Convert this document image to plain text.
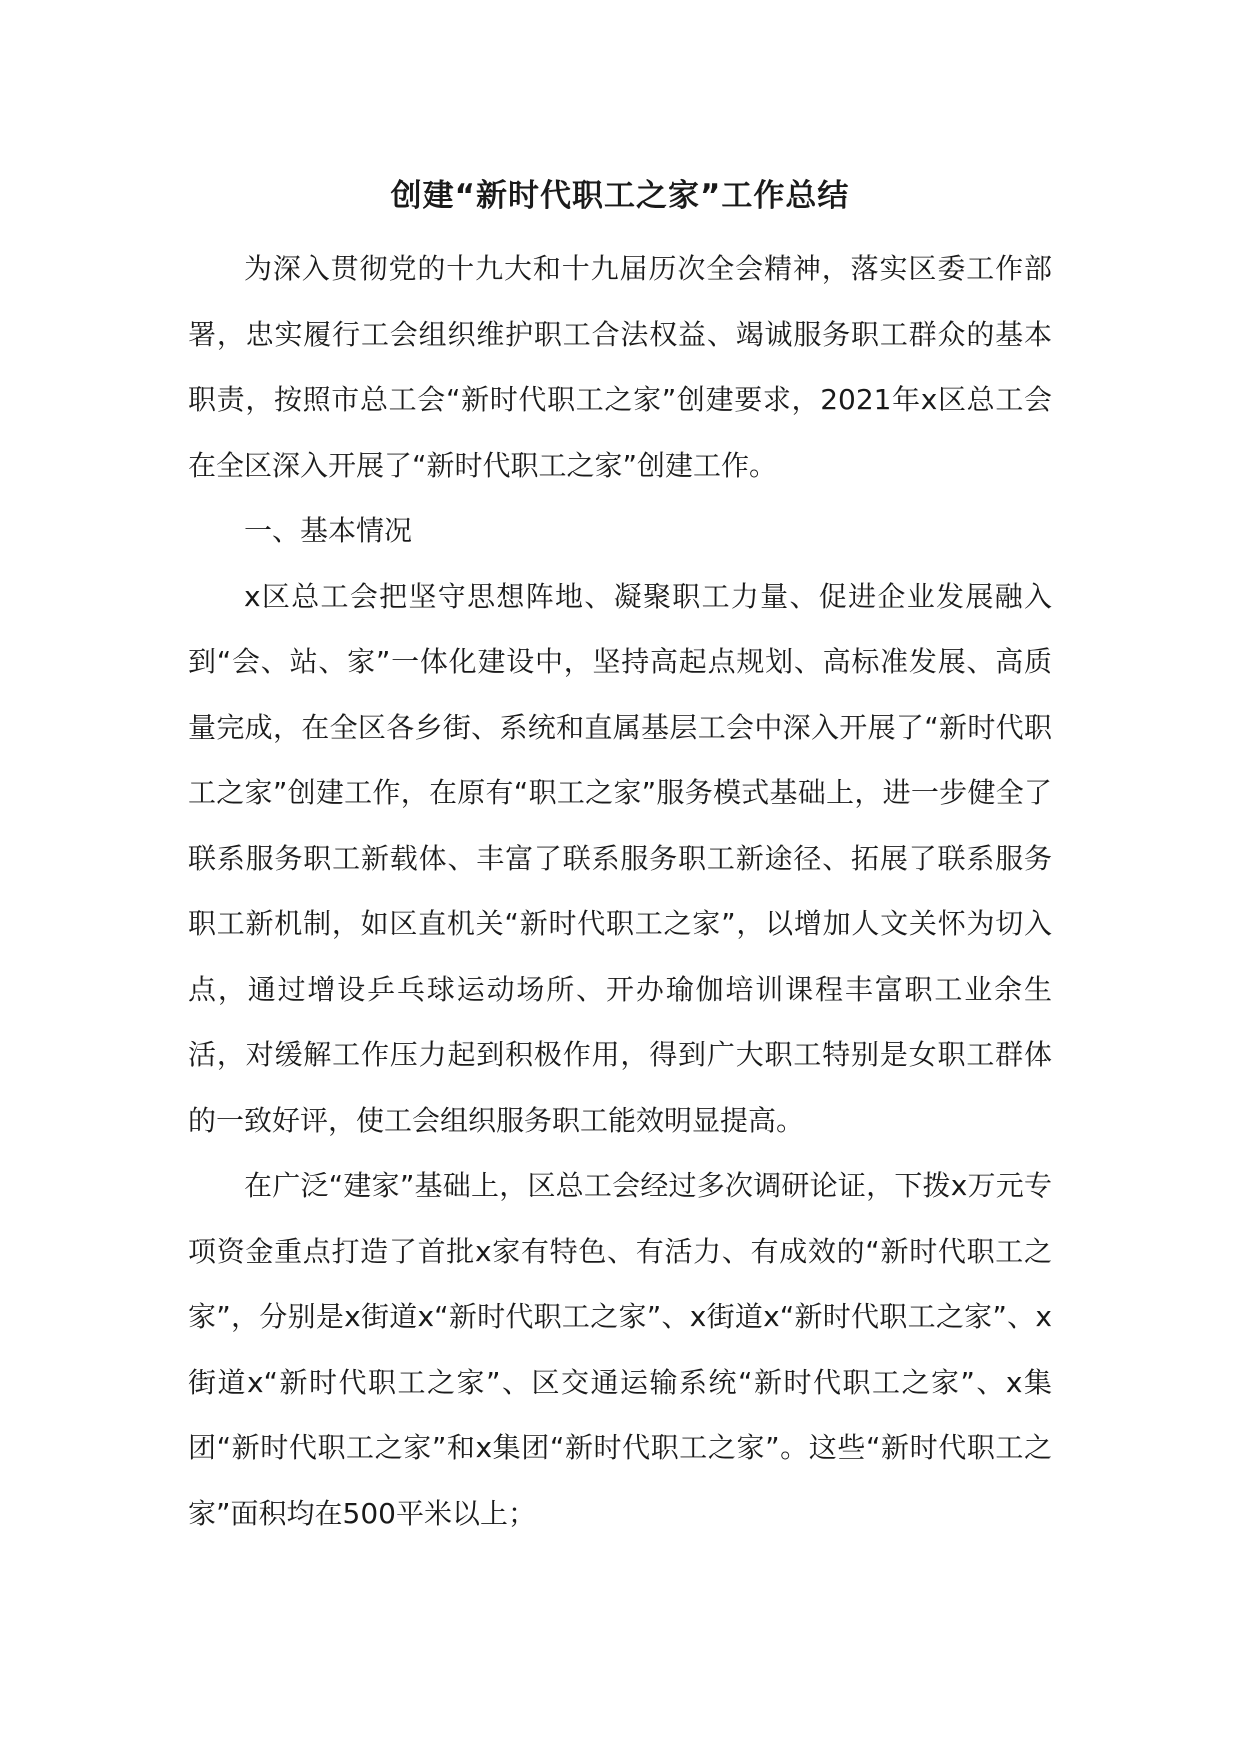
创建“新时代职工之家”工作总结

为深入贯彻党的十九大和十九届历次全会精神，落实区委工作部署，忠实履行工会组织维护职工合法权益、竭诚服务职工群众的基本职责，按照市总工会“新时代职工之家”创建要求，2021年x区总工会在全区深入开展了“新时代职工之家”创建工作。

一、基本情况

x区总工会把坚守思想阵地、凝聚职工力量、促进企业发展融入到“会、站、家”一体化建设中，坚持高起点规划、高标准发展、高质量完成，在全区各乡街、系统和直属基层工会中深入开展了“新时代职工之家”创建工作，在原有“职工之家”服务模式基础上，进一步健全了联系服务职工新载体、丰富了联系服务职工新途径、拓展了联系服务职工新机制，如区直机关“新时代职工之家”，以增加人文关怀为切入点，通过增设乒乓球运动场所、开办瑜伽培训课程丰富职工业余生活，对缓解工作压力起到积极作用，得到广大职工特别是女职工群体的一致好评，使工会组织服务职工能效明显提高。

在广泛“建家”基础上，区总工会经过多次调研论证，下拨x万元专项资金重点打造了首批x家有特色、有活力、有成效的“新时代职工之家”，分别是x街道x“新时代职工之家”、x街道x“新时代职工之家”、x街道x“新时代职工之家”、区交通运输系统“新时代职工之家”、x集团“新时代职工之家”和x集团“新时代职工之家”。这些“新时代职工之家”面积均在500平米以上；
